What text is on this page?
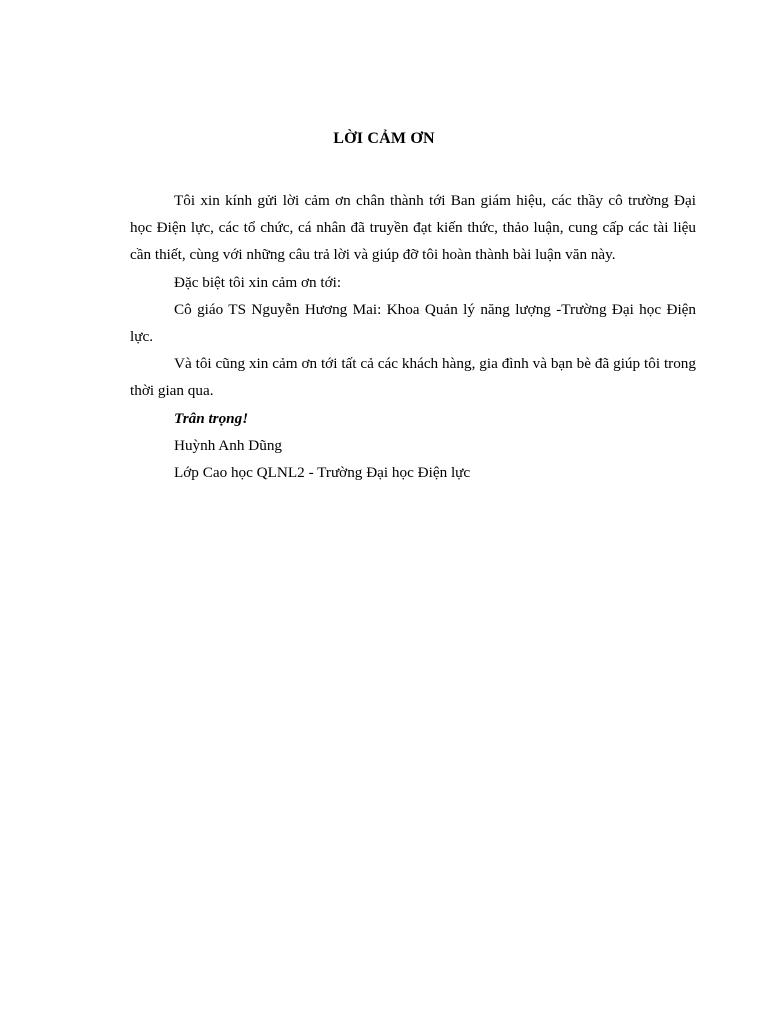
LỜI CẢM ƠN

Tôi xin kính gửi lời cảm ơn chân thành tới Ban giám hiệu, các thầy cô trường Đại học Điện lực, các tổ chức, cá nhân đã truyền đạt kiến thức, thảo luận, cung cấp các tài liệu cần thiết, cùng với những câu trả lời và giúp đỡ tôi hoàn thành bài luận văn này.

Đặc biệt tôi xin cảm ơn tới:

Cô giáo TS Nguyễn Hương Mai: Khoa Quản lý năng lượng -Trường Đại học Điện lực.

Và tôi cũng xin cảm ơn tới tất cả các khách hàng, gia đình và bạn bè đã giúp tôi trong thời gian qua.

Trân trọng!

Huỳnh Anh Dũng

Lớp Cao học QLNL2 - Trường Đại học Điện lực
